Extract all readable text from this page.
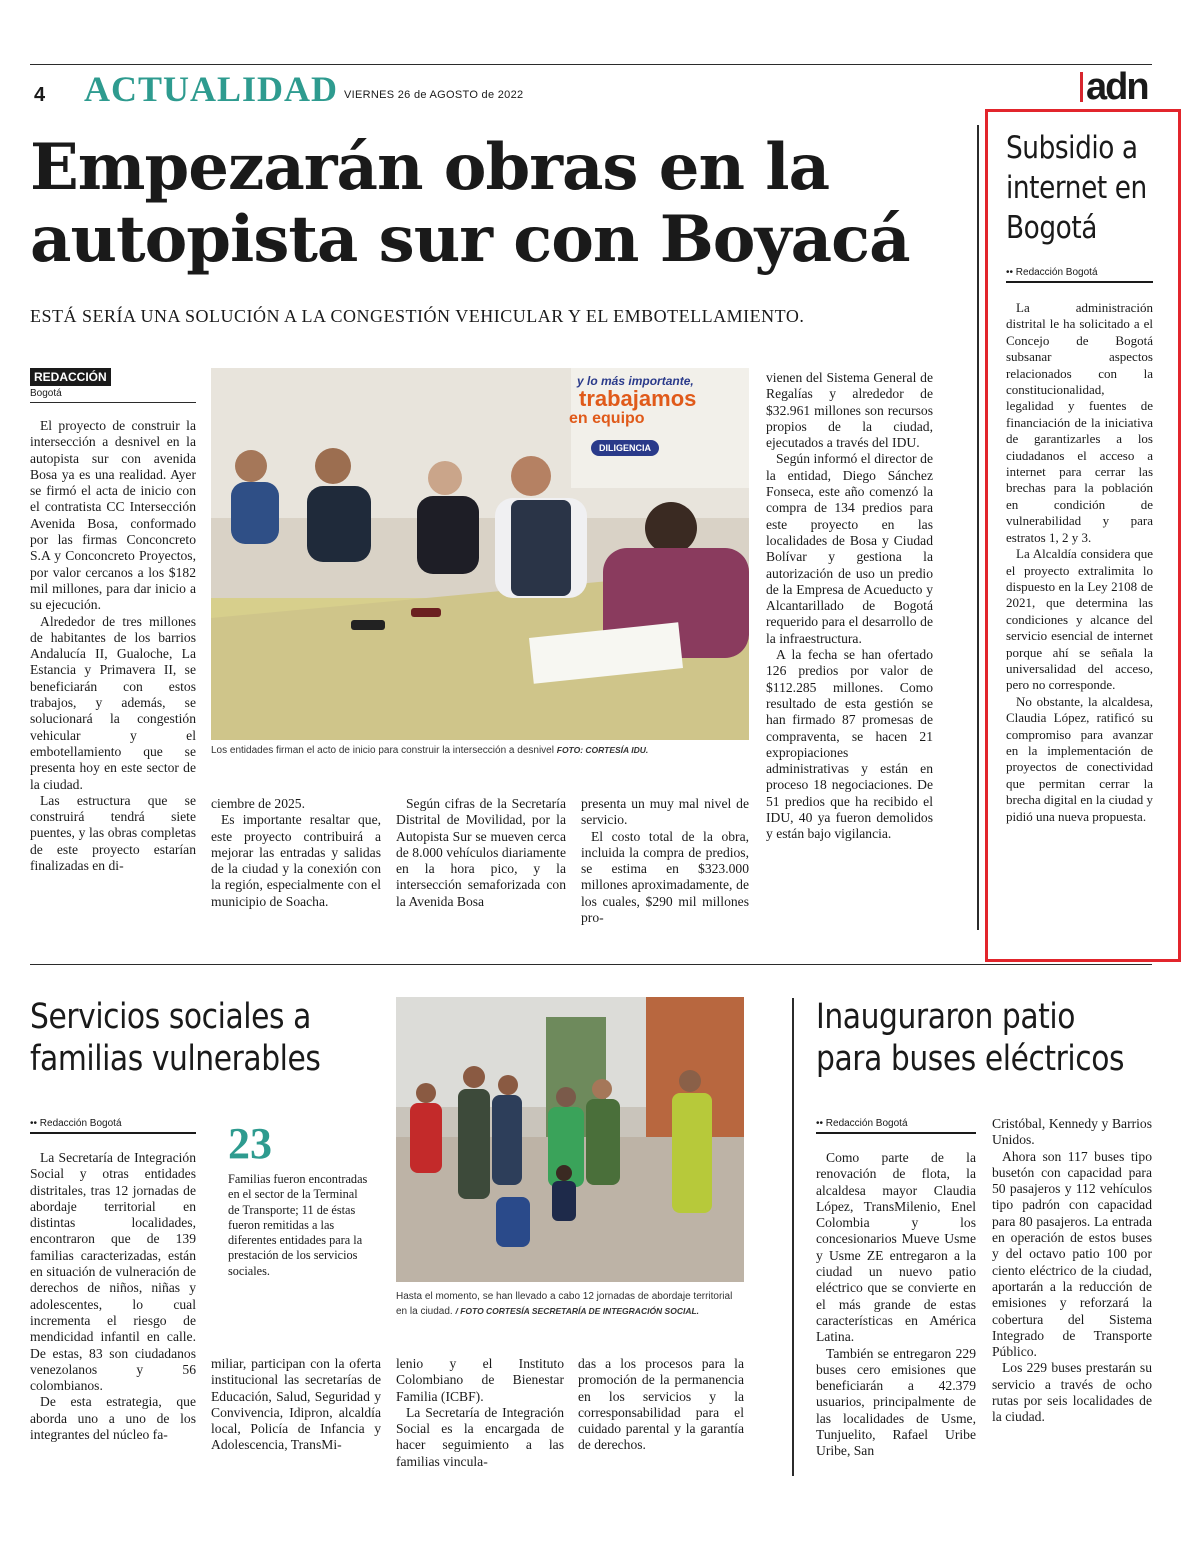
4 ACTUALIDAD VIERNES 26 de AGOSTO de 2022	adn
Empezarán obras en la autopista sur con Boyacá
ESTÁ SERÍA UNA SOLUCIÓN A LA CONGESTIÓN VEHICULAR Y EL EMBOTELLAMIENTO.
REDACCIÓN
Bogotá

El proyecto de construir la intersección a desnivel en la autopista sur con avenida Bosa ya es una realidad. Ayer se firmó el acta de inicio con el contratista CC Intersección Avenida Bosa, conformado por las firmas Conconcreto S.A y Conconcreto Proyectos, por valor cercanos a los $182 mil millones, para dar inicio a su ejecución.

Alrededor de tres millones de habitantes de los barrios Andalucía II, Gualoche, La Estancia y Primavera II, se beneficiarán con estos trabajos, y además, se solucionará la congestión vehicular y el embotellamiento que se presenta hoy en este sector de la ciudad.

Las estructura que se construirá tendrá siete puentes, y las obras completas de este proyecto estarían finalizadas en di-

y lo más importante,
trabajamos
en equipo
DILIGENCIA
Los entidades firman el acto de inicio para construir la intersección a desnivel FOTO: CORTESÍA IDU.

ciembre de 2025.

Es importante resaltar que, este proyecto contribuirá a mejorar las entradas y salidas de la ciudad y la conexión con la región, especialmente con el municipio de Soacha.

Según cifras de la Secretaría Distrital de Movilidad, por la Autopista Sur se mueven cerca de 8.000 vehículos diariamente en la hora pico, y la intersección semaforizada con la Avenida Bosa

presenta un muy mal nivel de servicio.

El costo total de la obra, incluida la compra de predios, se estima en $323.000 millones aproximadamente, de los cuales, $290 mil millones pro-

vienen del Sistema General de Regalías y alrededor de $32.961 millones son recursos propios de la ciudad, ejecutados a través del IDU.

Según informó el director de la entidad, Diego Sánchez Fonseca, este año comenzó la compra de 134 predios para este proyecto en las localidades de Bosa y Ciudad Bolívar y gestiona la autorización de uso un predio de la Empresa de Acueducto y Alcantarillado de Bogotá requerido para el desarrollo de la infraestructura.

A la fecha se han ofertado 126 predios por valor de $112.285 millones. Como resultado de esta gestión se han firmado 87 promesas de compraventa, se hacen 21 expropiaciones administrativas y están en proceso 18 negociaciones. De 51 predios que ha recibido el IDU, 40 ya fueron demolidos y están bajo vigilancia.

Subsidio a internet en Bogotá
•• Redacción Bogotá

La administración distrital le ha solicitado a el Concejo de Bogotá subsanar aspectos relacionados con la constitucionalidad, legalidad y fuentes de financiación de la iniciativa de garantizarles a los ciudadanos el acceso a internet para cerrar las brechas para la población en condición de vulnerabilidad y para estratos 1, 2 y 3.

La Alcaldía considera que el proyecto extralimita lo dispuesto en la Ley 2108 de 2021, que determina las condiciones y alcance del servicio esencial de internet porque ahí se señala la universalidad del acceso, pero no corresponde.

No obstante, la alcaldesa, Claudia López, ratificó su compromiso para avanzar en la implementación de proyectos de conectividad que permitan cerrar la brecha digital en la ciudad y pidió una nueva propuesta.

Servicios sociales a familias vulnerables
•• Redacción Bogotá

La Secretaría de Integración Social y otras entidades distritales, tras 12 jornadas de abordaje territorial en distintas localidades, encontraron que de 139 familias caracterizadas, están en situación de vulneración de derechos de niños, niñas y adolescentes, lo cual incrementa el riesgo de mendicidad infantil en calle. De estas, 83 son ciudadanos venezolanos y 56 colombianos.

De esta estrategia, que aborda uno a uno de los integrantes del núcleo fa-

23
Familias fueron encontradas en el sector de la Terminal de Transporte; 11 de éstas fueron remitidas a las diferentes entidades para la prestación de los servicios sociales.
Hasta el momento, se han llevado a cabo 12 jornadas de abordaje territorial en la ciudad. / FOTO CORTESÍA SECRETARÍA DE INTEGRACIÓN SOCIAL.

miliar, participan con la oferta institucional las secretarías de Educación, Salud, Seguridad y Convivencia, Idipron, alcaldía local, Policía de Infancia y Adolescencia, TransMi-

lenio y el Instituto Colombiano de Bienestar Familia (ICBF).

La Secretaría de Integración Social es la encargada de hacer seguimiento a las familias vincula-

das a los procesos para la promoción de la permanencia en los servicios y la corresponsabilidad para el cuidado parental y la garantía de derechos.

Inauguraron patio para buses eléctricos
•• Redacción Bogotá

Como parte de la renovación de flota, la alcaldesa mayor Claudia López, TransMilenio, Enel Colombia y los concesionarios Mueve Usme y Usme ZE entregaron a la ciudad un nuevo patio eléctrico que se convierte en el más grande de estas características en América Latina.

También se entregaron 229 buses cero emisiones que beneficiarán a 42.379 usuarios, principalmente de las localidades de Usme, Tunjuelito, Rafael Uribe Uribe, San

Cristóbal, Kennedy y Barrios Unidos.

Ahora son 117 buses tipo busetón con capacidad para 50 pasajeros y 112 vehículos tipo padrón con capacidad para 80 pasajeros. La entrada en operación de estos buses y del octavo patio 100 por ciento eléctrico de la ciudad, aportarán a la reducción de emisiones y reforzará la cobertura del Sistema Integrado de Transporte Público.

Los 229 buses prestarán su servicio a través de ocho rutas por seis localidades de la ciudad.
